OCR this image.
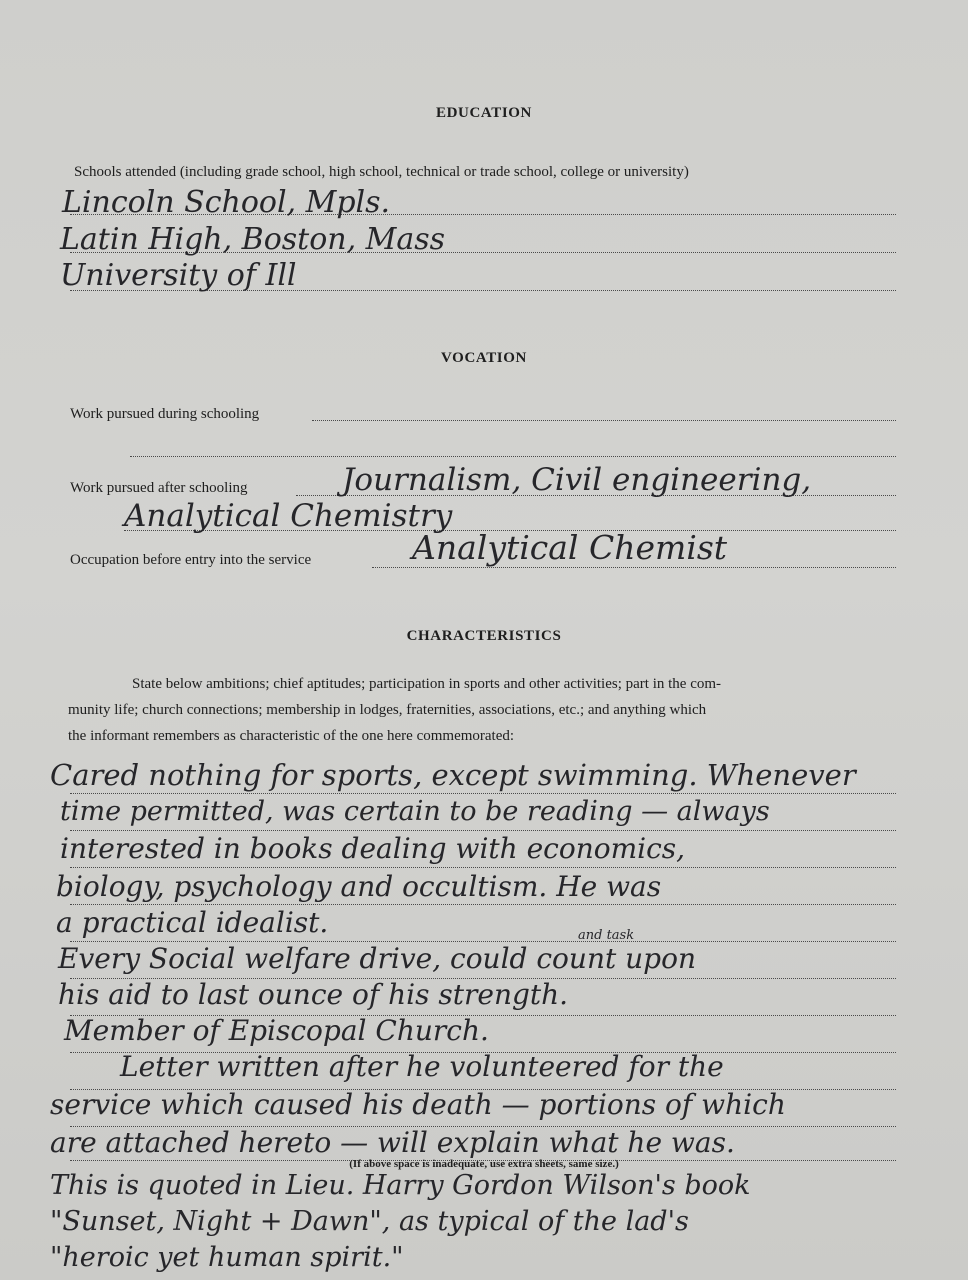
EDUCATION
Schools attended (including grade school, high school, technical or trade school, college or university)
Lincoln School, Mpls.
Latin High, Boston, Mass
University of Ill
VOCATION
Work pursued during schooling
Work pursued after schooling	Journalism, Civil engineering,
Analytical Chemistry
Occupation before entry into the service	Analytical Chemist
CHARACTERISTICS
State below ambitions; chief aptitudes; participation in sports and other activities; part in the com-
munity life; church connections; membership in lodges, fraternities, associations, etc.; and anything which
the informant remembers as characteristic of the one here commemorated:
Cared nothing for sports, except swimming. Whenever
time permitted, was certain to be reading — always
interested in books dealing with economics,
biology, psychology and occultism. He was
a practical idealist.	and task
Every Social welfare drive, could count upon
his aid to last ounce of his strength.
Member of Episcopal Church.
Letter written after he volunteered for the
service which caused his death — portions of which
are attached hereto — will explain what he was.
(If above space is inadequate, use extra sheets, same size.)
This is quoted in Lieu. Harry Gordon Wilson's book
"Sunset, Night + Dawn", as typical of the lad's
"heroic yet human spirit."
